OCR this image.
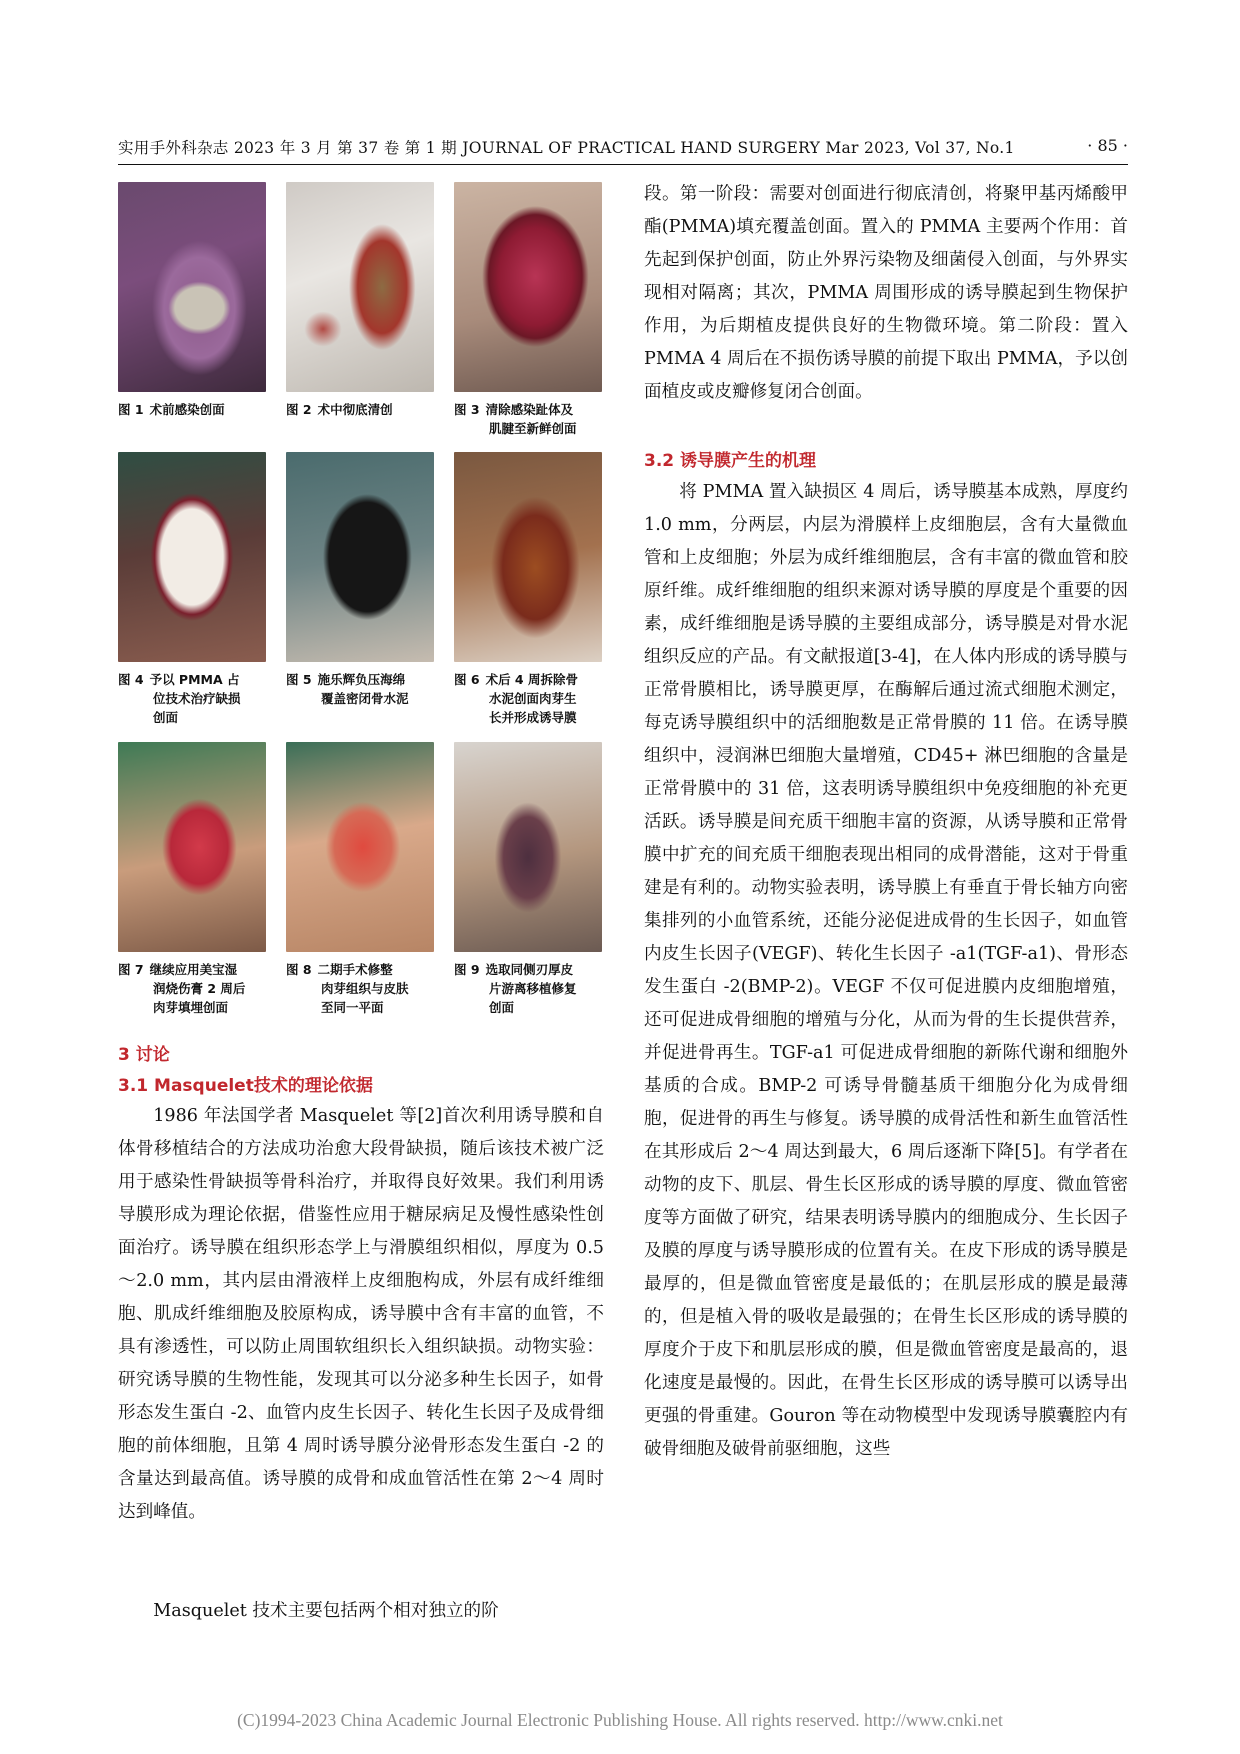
实用手外科杂志 2023 年 3 月 第 37 卷 第 1 期 JOURNAL OF PRACTICAL HAND SURGERY Mar 2023, Vol 37, No.1	· 85 ·
图 1 术前感染创面	图 2 术中彻底清创	图 3 清除感染趾体及
肌腱至新鲜创面
图 4 予以 PMMA 占
位技术治疗缺损
创面
图 5 施乐辉负压海绵
覆盖密闭骨水泥
图 6 术后 4 周拆除骨
水泥创面肉芽生
长并形成诱导膜
图 7 继续应用美宝湿
润烧伤膏 2 周后
肉芽填埋创面
图 8 二期手术修整
肉芽组织与皮肤
至同一平面
图 9 选取同侧刃厚皮
片游离移植修复
创面
3 讨论
3.1 Masquelet技术的理论依据

1986 年法国学者 Masquelet 等[2]首次利用诱导膜和自体骨移植结合的方法成功治愈大段骨缺损，随后该技术被广泛用于感染性骨缺损等骨科治疗，并取得良好效果。我们利用诱导膜形成为理论依据，借鉴性应用于糖尿病足及慢性感染性创面治疗。诱导膜在组织形态学上与滑膜组织相似，厚度为 0.5～2.0 mm，其内层由滑液样上皮细胞构成，外层有成纤维细胞、肌成纤维细胞及胶原构成，诱导膜中含有丰富的血管，不具有渗透性，可以防止周围软组织长入组织缺损。动物实验：研究诱导膜的生物性能，发现其可以分泌多种生长因子，如骨形态发生蛋白 -2、血管内皮生长因子、转化生长因子及成骨细胞的前体细胞，且第 4 周时诱导膜分泌骨形态发生蛋白 -2 的含量达到最高值。诱导膜的成骨和成血管活性在第 2～4 周时达到峰值。

Masquelet 技术主要包括两个相对独立的阶

段。第一阶段：需要对创面进行彻底清创，将聚甲基丙烯酸甲酯(PMMA)填充覆盖创面。置入的 PMMA 主要两个作用：首先起到保护创面，防止外界污染物及细菌侵入创面，与外界实现相对隔离；其次，PMMA 周围形成的诱导膜起到生物保护作用，为后期植皮提供良好的生物微环境。第二阶段：置入 PMMA 4 周后在不损伤诱导膜的前提下取出 PMMA，予以创面植皮或皮瓣修复闭合创面。

3.2 诱导膜产生的机理

将 PMMA 置入缺损区 4 周后，诱导膜基本成熟，厚度约 1.0 mm，分两层，内层为滑膜样上皮细胞层，含有大量微血管和上皮细胞；外层为成纤维细胞层，含有丰富的微血管和胶原纤维。成纤维细胞的组织来源对诱导膜的厚度是个重要的因素，成纤维细胞是诱导膜的主要组成部分，诱导膜是对骨水泥组织反应的产品。有文献报道[3-4]，在人体内形成的诱导膜与正常骨膜相比，诱导膜更厚，在酶解后通过流式细胞术测定，每克诱导膜组织中的活细胞数是正常骨膜的 11 倍。在诱导膜组织中，浸润淋巴细胞大量增殖，CD45+ 淋巴细胞的含量是正常骨膜中的 31 倍，这表明诱导膜组织中免疫细胞的补充更活跃。诱导膜是间充质干细胞丰富的资源，从诱导膜和正常骨膜中扩充的间充质干细胞表现出相同的成骨潜能，这对于骨重建是有利的。动物实验表明，诱导膜上有垂直于骨长轴方向密集排列的小血管系统，还能分泌促进成骨的生长因子，如血管内皮生长因子(VEGF)、转化生长因子 -a1(TGF-a1)、骨形态发生蛋白 -2(BMP-2)。VEGF 不仅可促进膜内皮细胞增殖，还可促进成骨细胞的增殖与分化，从而为骨的生长提供营养，并促进骨再生。TGF-a1 可促进成骨细胞的新陈代谢和细胞外基质的合成。BMP-2 可诱导骨髓基质干细胞分化为成骨细胞，促进骨的再生与修复。诱导膜的成骨活性和新生血管活性在其形成后 2～4 周达到最大，6 周后逐渐下降[5]。有学者在动物的皮下、肌层、骨生长区形成的诱导膜的厚度、微血管密度等方面做了研究，结果表明诱导膜内的细胞成分、生长因子及膜的厚度与诱导膜形成的位置有关。在皮下形成的诱导膜是最厚的，但是微血管密度是最低的；在肌层形成的膜是最薄的，但是植入骨的吸收是最强的；在骨生长区形成的诱导膜的厚度介于皮下和肌层形成的膜，但是微血管密度是最高的，退化速度是最慢的。因此，在骨生长区形成的诱导膜可以诱导出更强的骨重建。Gouron 等在动物模型中发现诱导膜囊腔内有破骨细胞及破骨前驱细胞，这些

(C)1994-2023 China Academic Journal Electronic Publishing House. All rights reserved. http://www.cnki.net
